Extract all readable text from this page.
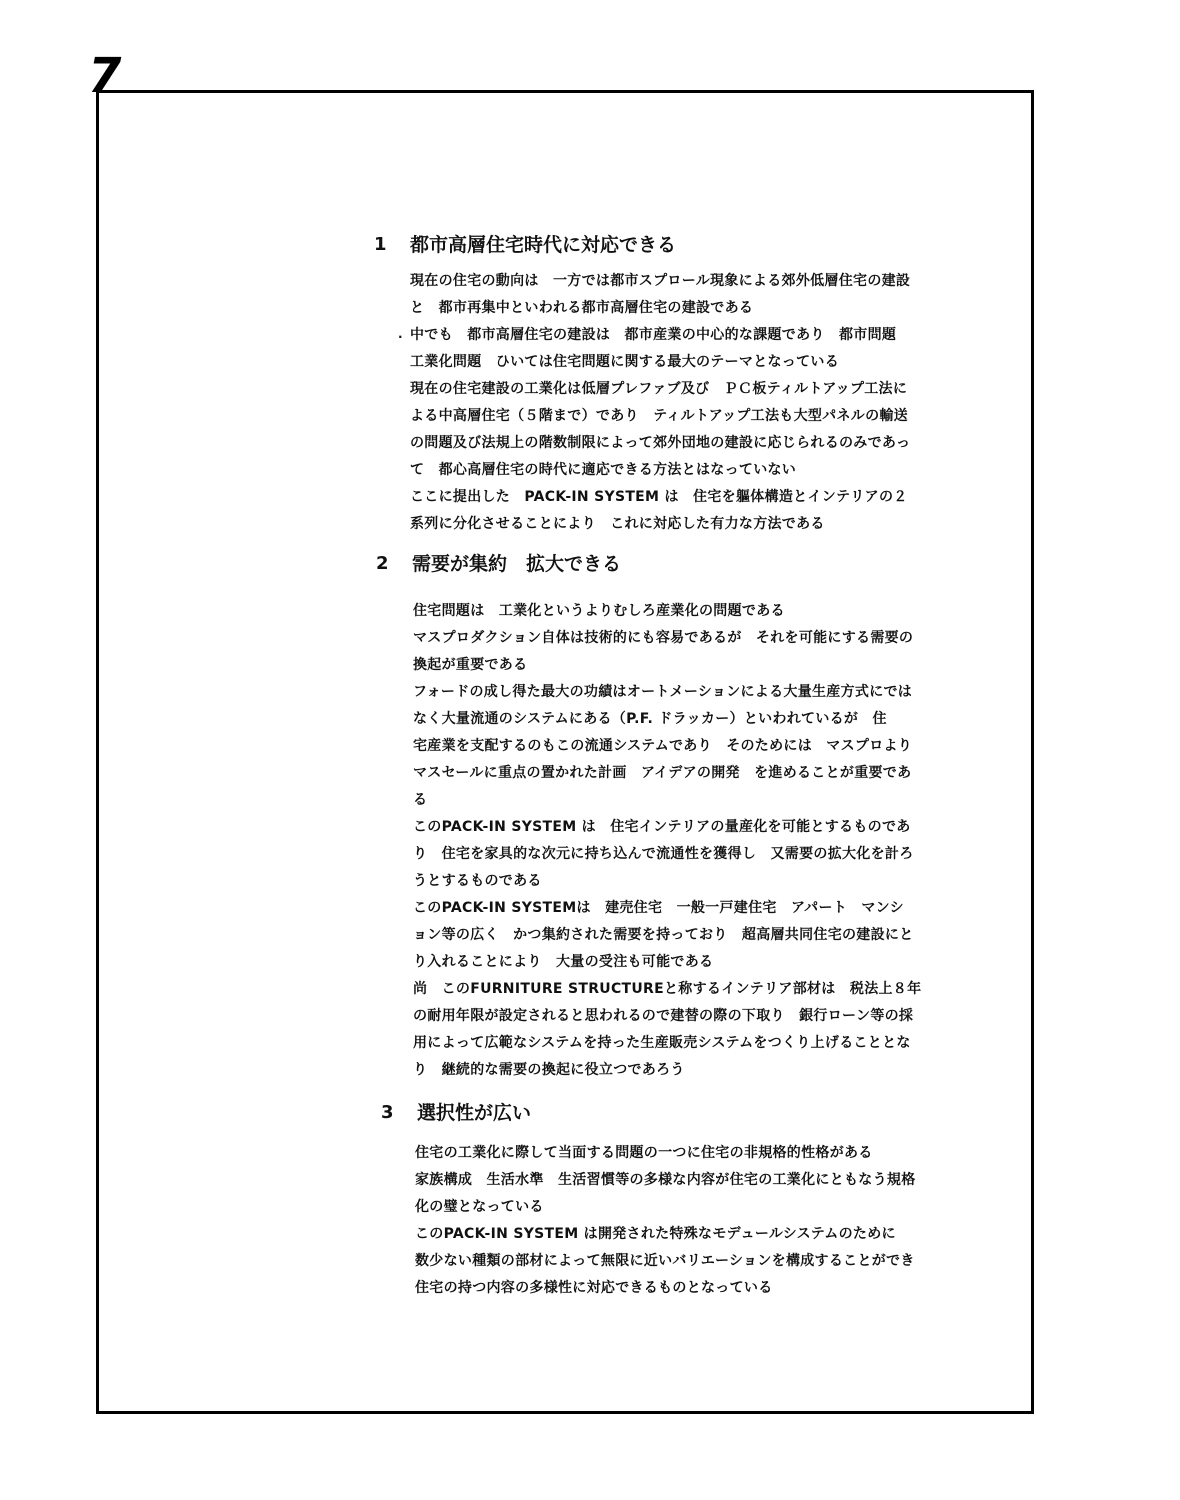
7
·
1 都市高層住宅時代に対応できる
現在の住宅の動向は　一方では都市スプロール現象による郊外低層住宅の建設
と　都市再集中といわれる都市高層住宅の建設である
中でも　都市高層住宅の建設は　都市産業の中心的な課題であり　都市問題
工業化問題　ひいては住宅問題に関する最大のテーマとなっている
現在の住宅建設の工業化は低層プレファブ及び　ＰＣ板ティルトアップ工法に
よる中高層住宅（５階まで）であり　ティルトアップ工法も大型パネルの輸送
の問題及び法規上の階数制限によって郊外団地の建設に応じられるのみであっ
て　都心高層住宅の時代に適応できる方法とはなっていない
ここに提出した　PACK-IN SYSTEM は　住宅を軀体構造とインテリアの２
系列に分化させることにより　これに対応した有力な方法である
2 需要が集約　拡大できる
住宅問題は　工業化というよりむしろ産業化の問題である
マスプロダクション自体は技術的にも容易であるが　それを可能にする需要の
換起が重要である
フォードの成し得た最大の功績はオートメーションによる大量生産方式にでは
なく大量流通のシステムにある（P.F. ドラッカー）といわれているが　住
宅産業を支配するのもこの流通システムであり　そのためには　マスプロより
マスセールに重点の置かれた計画　アイデアの開発　を進めることが重要であ
る
このPACK-IN SYSTEM は　住宅インテリアの量産化を可能とするものであ
り　住宅を家具的な次元に持ち込んで流通性を獲得し　又需要の拡大化を計ろ
うとするものである
このPACK-IN SYSTEMは　建売住宅　一般一戸建住宅　アパート　マンシ
ョン等の広く　かつ集約された需要を持っており　超高層共同住宅の建設にと
り入れることにより　大量の受注も可能である
尚　このFURNITURE STRUCTUREと称するインテリア部材は　税法上８年
の耐用年限が設定されると思われるので建替の際の下取り　銀行ローン等の採
用によって広範なシステムを持った生産販売システムをつくり上げることとな
り　継続的な需要の換起に役立つであろう
3 選択性が広い
住宅の工業化に際して当面する問題の一つに住宅の非規格的性格がある
家族構成　生活水準　生活習慣等の多様な内容が住宅の工業化にともなう規格
化の璧となっている
このPACK-IN SYSTEM は開発された特殊なモデュールシステムのために
数少ない種類の部材によって無限に近いバリエーションを構成することができ
住宅の持つ内容の多様性に対応できるものとなっている
